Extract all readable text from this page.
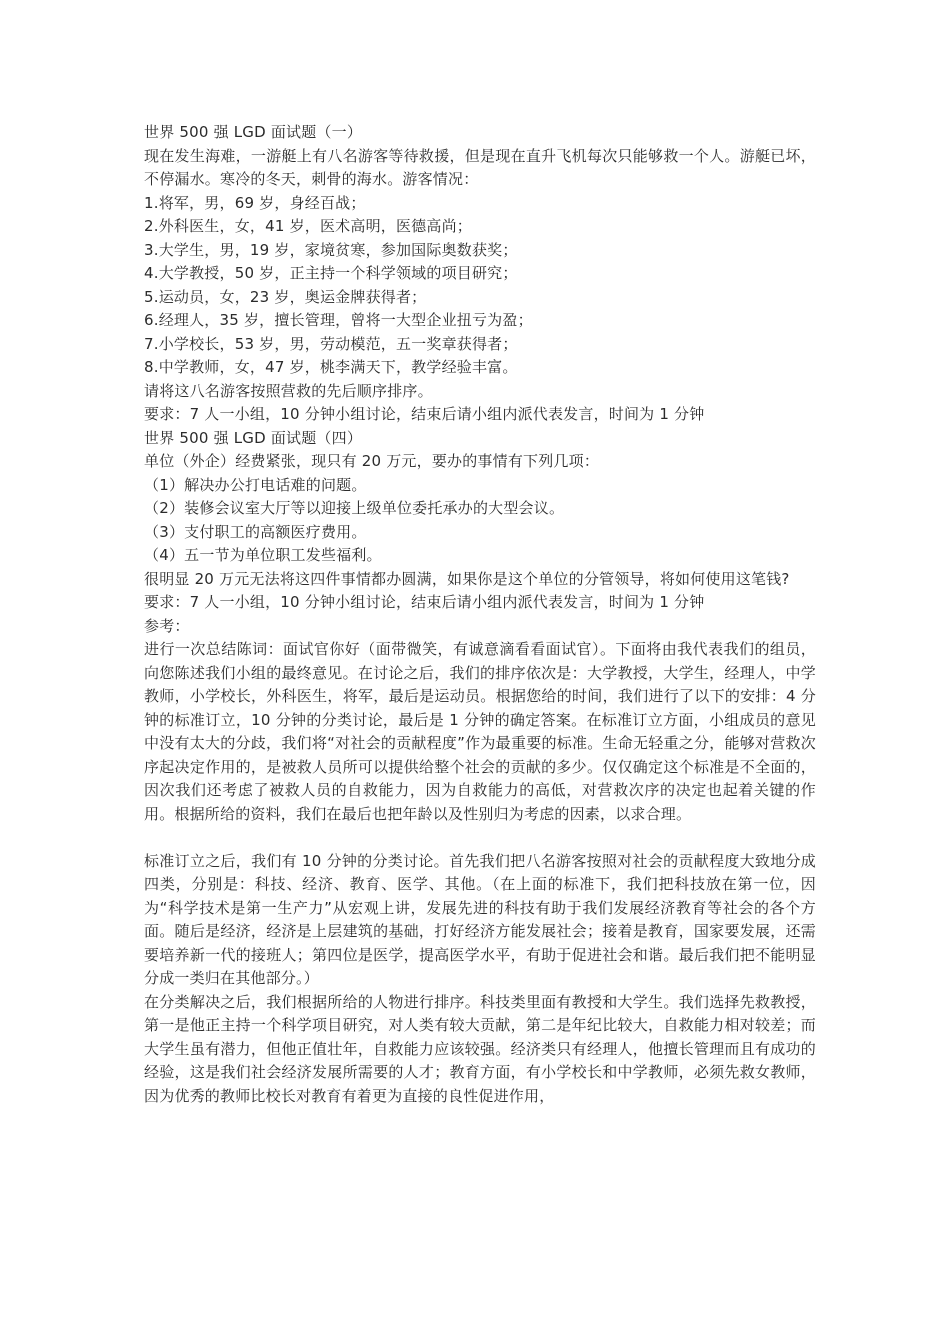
世界 500 强 LGD 面试题（一）

现在发生海难，一游艇上有八名游客等待救援，但是现在直升飞机每次只能够救一个人。游艇已坏，不停漏水。寒冷的冬天，刺骨的海水。游客情况：

1.将军，男，69 岁，身经百战；

2.外科医生，女，41 岁，医术高明，医德高尚；

3.大学生，男，19 岁，家境贫寒，参加国际奥数获奖；

4.大学教授，50 岁，正主持一个科学领域的项目研究；

5.运动员，女，23 岁，奥运金牌获得者；

6.经理人，35 岁，擅长管理，曾将一大型企业扭亏为盈；

7.小学校长，53 岁，男，劳动模范，五一奖章获得者；

8.中学教师，女，47 岁，桃李满天下，教学经验丰富。

请将这八名游客按照营救的先后顺序排序。

要求：7 人一小组，10 分钟小组讨论，结束后请小组内派代表发言，时间为 1 分钟

世界 500 强 LGD 面试题（四）

单位（外企）经费紧张，现只有 20 万元，要办的事情有下列几项：

（1）解决办公打电话难的问题。

（2）装修会议室大厅等以迎接上级单位委托承办的大型会议。

（3）支付职工的高额医疗费用。

（4）五一节为单位职工发些福利。

很明显 20 万元无法将这四件事情都办圆满，如果你是这个单位的分管领导，将如何使用这笔钱?

要求：7 人一小组，10 分钟小组讨论，结束后请小组内派代表发言，时间为 1 分钟

参考：

进行一次总结陈词：面试官你好（面带微笑，有诚意滴看看面试官）。下面将由我代表我们的组员，向您陈述我们小组的最终意见。在讨论之后，我们的排序依次是：大学教授，大学生，经理人，中学教师，小学校长，外科医生，将军，最后是运动员。根据您给的时间，我们进行了以下的安排：4 分钟的标准订立，10 分钟的分类讨论，最后是 1 分钟的确定答案。在标准订立方面，小组成员的意见中没有太大的分歧，我们将“对社会的贡献程度”作为最重要的标准。生命无轻重之分，能够对营救次序起决定作用的，是被救人员所可以提供给整个社会的贡献的多少。仅仅确定这个标准是不全面的，因次我们还考虑了被救人员的自救能力，因为自救能力的高低，对营救次序的决定也起着关键的作用。根据所给的资料，我们在最后也把年龄以及性别归为考虑的因素，以求合理。

标准订立之后，我们有 10 分钟的分类讨论。首先我们把八名游客按照对社会的贡献程度大致地分成四类，分别是：科技、经济、教育、医学、其他。（在上面的标准下，我们把科技放在第一位，因为“科学技术是第一生产力”从宏观上讲，发展先进的科技有助于我们发展经济教育等社会的各个方面。随后是经济，经济是上层建筑的基础，打好经济方能发展社会；接着是教育，国家要发展，还需要培养新一代的接班人；第四位是医学，提高医学水平，有助于促进社会和谐。最后我们把不能明显分成一类归在其他部分。）

在分类解决之后，我们根据所给的人物进行排序。科技类里面有教授和大学生。我们选择先救教授，第一是他正主持一个科学项目研究，对人类有较大贡献，第二是年纪比较大，自救能力相对较差；而大学生虽有潜力，但他正值壮年，自救能力应该较强。经济类只有经理人，他擅长管理而且有成功的经验，这是我们社会经济发展所需要的人才；教育方面，有小学校长和中学教师，必须先救女教师，因为优秀的教师比校长对教育有着更为直接的良性促进作用，
